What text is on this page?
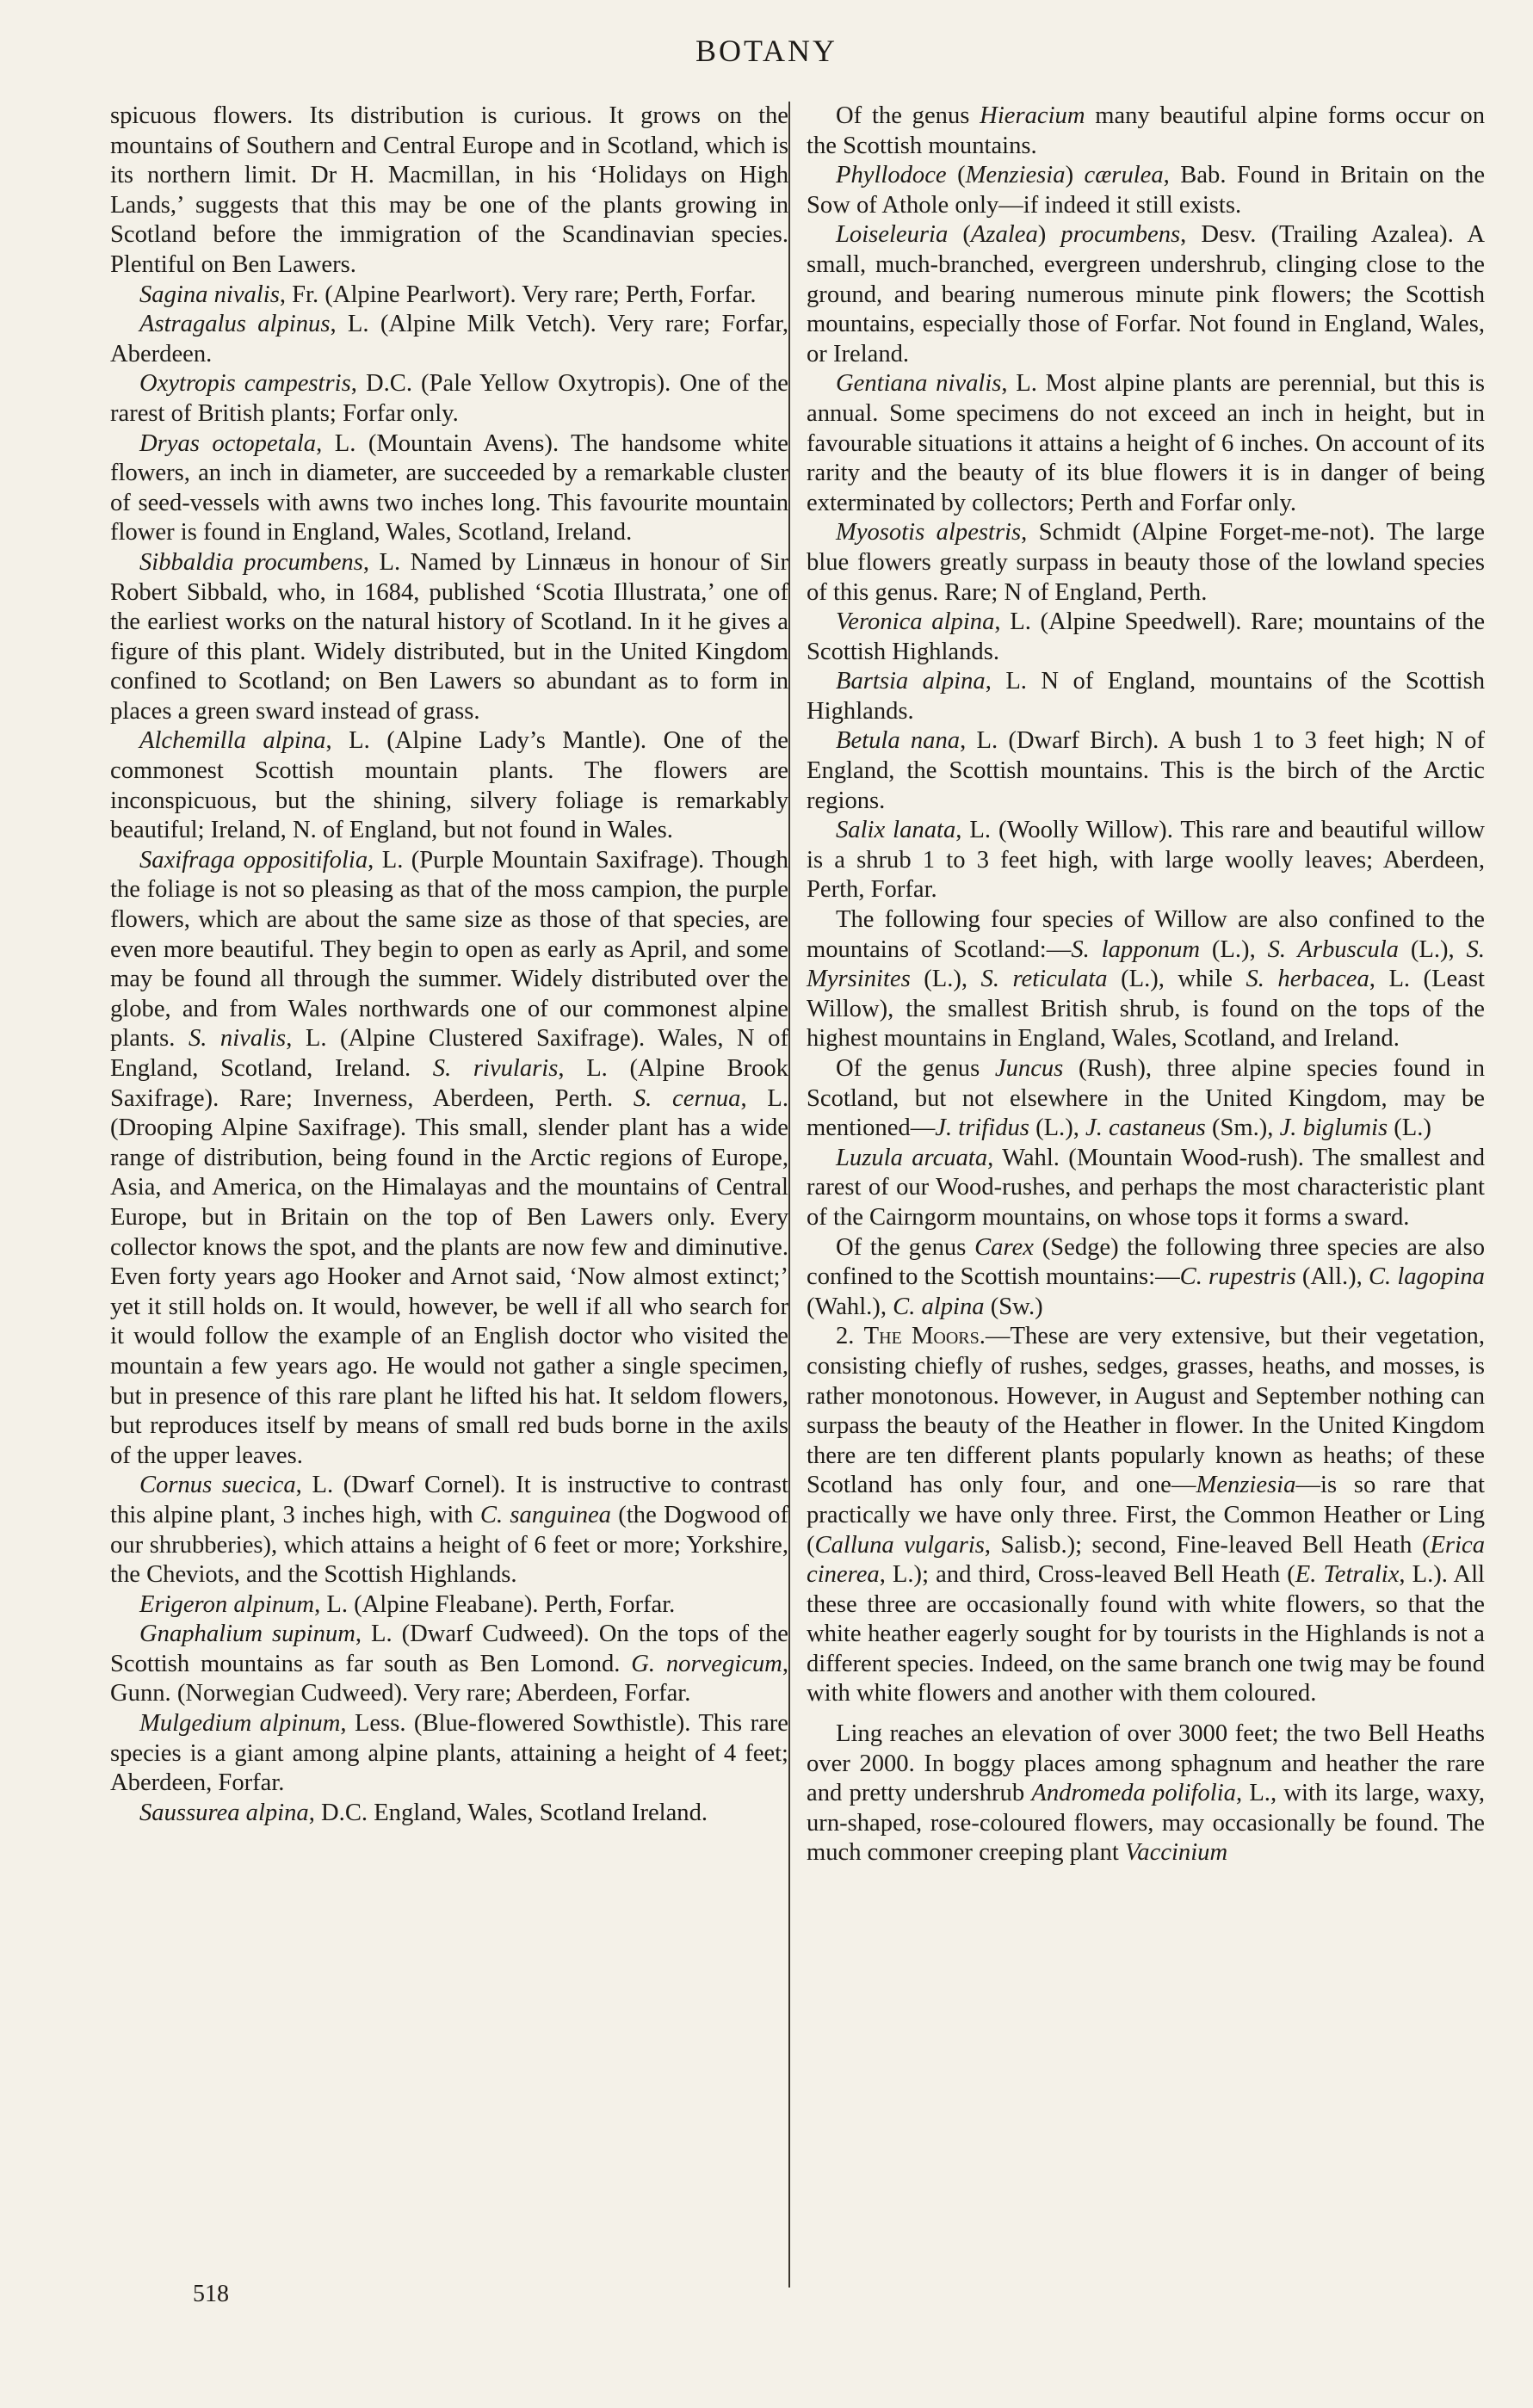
BOTANY

spicuous flowers. Its distribution is curious. It grows on the mountains of Southern and Central Europe and in Scotland, which is its northern limit. Dr H. Macmillan, in his ‘Holidays on High Lands,’ suggests that this may be one of the plants growing in Scotland before the immigration of the Scandinavian species. Plentiful on Ben Lawers.

Sagina nivalis, Fr. (Alpine Pearlwort). Very rare; Perth, Forfar.

Astragalus alpinus, L. (Alpine Milk Vetch). Very rare; Forfar, Aberdeen.

Oxytropis campestris, D.C. (Pale Yellow Oxytropis). One of the rarest of British plants; Forfar only.

Dryas octopetala, L. (Mountain Avens). The handsome white flowers, an inch in diameter, are succeeded by a remarkable cluster of seed-vessels with awns two inches long. This favourite mountain flower is found in England, Wales, Scotland, Ireland.

Sibbaldia procumbens, L. Named by Linnæus in honour of Sir Robert Sibbald, who, in 1684, published ‘Scotia Illustrata,’ one of the earliest works on the natural history of Scotland. In it he gives a figure of this plant. Widely distributed, but in the United Kingdom confined to Scotland; on Ben Lawers so abundant as to form in places a green sward instead of grass.

Alchemilla alpina, L. (Alpine Lady’s Mantle). One of the commonest Scottish mountain plants. The flowers are inconspicuous, but the shining, silvery foliage is remarkably beautiful; Ireland, N. of England, but not found in Wales.

Saxifraga oppositifolia, L. (Purple Mountain Saxifrage). Though the foliage is not so pleasing as that of the moss campion, the purple flowers, which are about the same size as those of that species, are even more beautiful. They begin to open as early as April, and some may be found all through the summer. Widely distributed over the globe, and from Wales northwards one of our commonest alpine plants. S. nivalis, L. (Alpine Clustered Saxifrage). Wales, N of England, Scotland, Ireland. S. rivularis, L. (Alpine Brook Saxifrage). Rare; Inverness, Aberdeen, Perth. S. cernua, L. (Drooping Alpine Saxifrage). This small, slender plant has a wide range of distribution, being found in the Arctic regions of Europe, Asia, and America, on the Himalayas and the mountains of Central Europe, but in Britain on the top of Ben Lawers only. Every collector knows the spot, and the plants are now few and diminutive. Even forty years ago Hooker and Arnot said, ‘Now almost extinct;’ yet it still holds on. It would, however, be well if all who search for it would follow the example of an English doctor who visited the mountain a few years ago. He would not gather a single specimen, but in presence of this rare plant he lifted his hat. It seldom flowers, but reproduces itself by means of small red buds borne in the axils of the upper leaves.

Cornus suecica, L. (Dwarf Cornel). It is instructive to contrast this alpine plant, 3 inches high, with C. sanguinea (the Dogwood of our shrubberies), which attains a height of 6 feet or more; Yorkshire, the Cheviots, and the Scottish Highlands.

Erigeron alpinum, L. (Alpine Fleabane). Perth, Forfar.

Gnaphalium supinum, L. (Dwarf Cudweed). On the tops of the Scottish mountains as far south as Ben Lomond. G. norvegicum, Gunn. (Norwegian Cudweed). Very rare; Aberdeen, Forfar.

Mulgedium alpinum, Less. (Blue-flowered Sowthistle). This rare species is a giant among alpine plants, attaining a height of 4 feet; Aberdeen, Forfar.

Saussurea alpina, D.C. England, Wales, Scotland Ireland.

Of the genus Hieracium many beautiful alpine forms occur on the Scottish mountains.

Phyllodoce (Menziesia) cærulea, Bab. Found in Britain on the Sow of Athole only—if indeed it still exists.

Loiseleuria (Azalea) procumbens, Desv. (Trailing Azalea). A small, much-branched, evergreen undershrub, clinging close to the ground, and bearing numerous minute pink flowers; the Scottish mountains, especially those of Forfar. Not found in England, Wales, or Ireland.

Gentiana nivalis, L. Most alpine plants are perennial, but this is annual. Some specimens do not exceed an inch in height, but in favourable situations it attains a height of 6 inches. On account of its rarity and the beauty of its blue flowers it is in danger of being exterminated by collectors; Perth and Forfar only.

Myosotis alpestris, Schmidt (Alpine Forget-me-not). The large blue flowers greatly surpass in beauty those of the lowland species of this genus. Rare; N of England, Perth.

Veronica alpina, L. (Alpine Speedwell). Rare; mountains of the Scottish Highlands.

Bartsia alpina, L. N of England, mountains of the Scottish Highlands.

Betula nana, L. (Dwarf Birch). A bush 1 to 3 feet high; N of England, the Scottish mountains. This is the birch of the Arctic regions.

Salix lanata, L. (Woolly Willow). This rare and beautiful willow is a shrub 1 to 3 feet high, with large woolly leaves; Aberdeen, Perth, Forfar.

The following four species of Willow are also confined to the mountains of Scotland:—S. lapponum (L.), S. Arbuscula (L.), S. Myrsinites (L.), S. reticulata (L.), while S. herbacea, L. (Least Willow), the smallest British shrub, is found on the tops of the highest mountains in England, Wales, Scotland, and Ireland.

Of the genus Juncus (Rush), three alpine species found in Scotland, but not elsewhere in the United Kingdom, may be mentioned—J. trifidus (L.), J. castaneus (Sm.), J. biglumis (L.)

Luzula arcuata, Wahl. (Mountain Wood-rush). The smallest and rarest of our Wood-rushes, and perhaps the most characteristic plant of the Cairngorm mountains, on whose tops it forms a sward.

Of the genus Carex (Sedge) the following three species are also confined to the Scottish mountains:—C. rupestris (All.), C. lagopina (Wahl.), C. alpina (Sw.)

2. The Moors.—These are very extensive, but their vegetation, consisting chiefly of rushes, sedges, grasses, heaths, and mosses, is rather monotonous. However, in August and September nothing can surpass the beauty of the Heather in flower. In the United Kingdom there are ten different plants popularly known as heaths; of these Scotland has only four, and one—Menziesia—is so rare that practically we have only three. First, the Common Heather or Ling (Calluna vulgaris, Salisb.); second, Fine-leaved Bell Heath (Erica cinerea, L.); and third, Cross-leaved Bell Heath (E. Tetralix, L.). All these three are occasionally found with white flowers, so that the white heather eagerly sought for by tourists in the Highlands is not a different species. Indeed, on the same branch one twig may be found with white flowers and another with them coloured.

Ling reaches an elevation of over 3000 feet; the two Bell Heaths over 2000. In boggy places among sphagnum and heather the rare and pretty undershrub Andromeda polifolia, L., with its large, waxy, urn-shaped, rose-coloured flowers, may occasionally be found. The much commoner creeping plant Vaccinium

518
